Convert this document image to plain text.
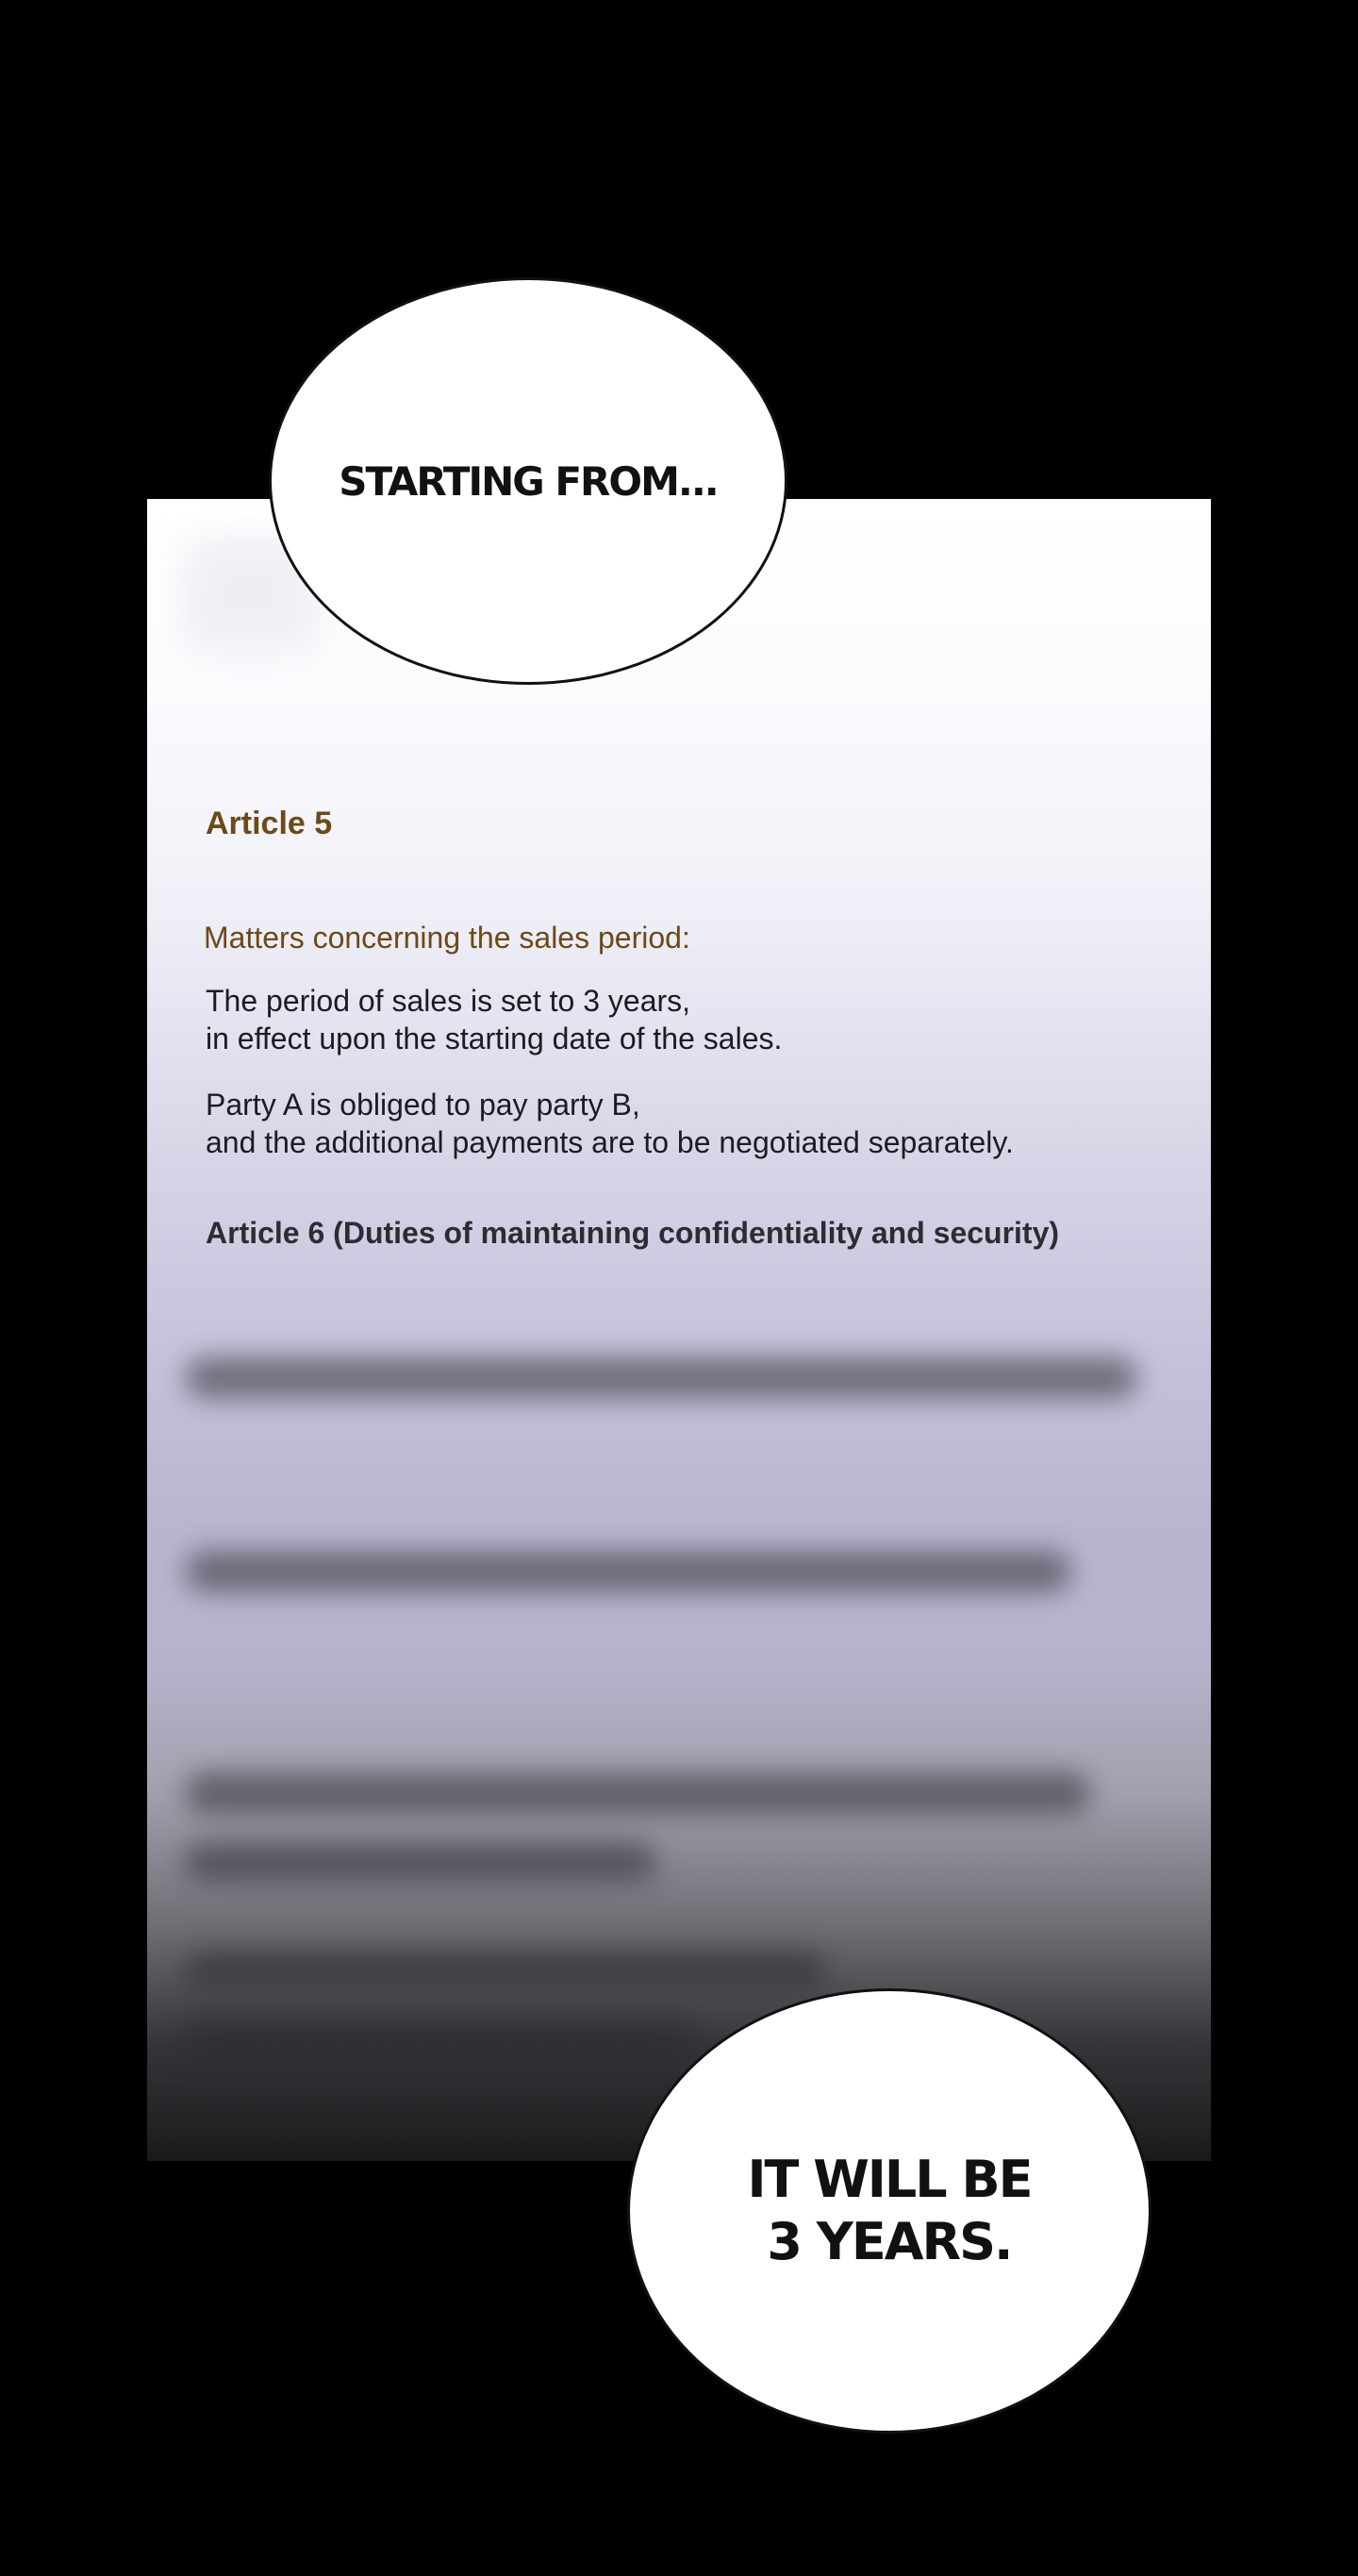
Article 5
Matters concerning the sales period:
The period of sales is set to 3 years,
in effect upon the starting date of the sales.
Party A is obliged to pay party B,
and the additional payments are to be negotiated separately.
Article 6 (Duties of maintaining confidentiality and security)
STARTING FROM...
IT WILL BE
3 YEARS.
